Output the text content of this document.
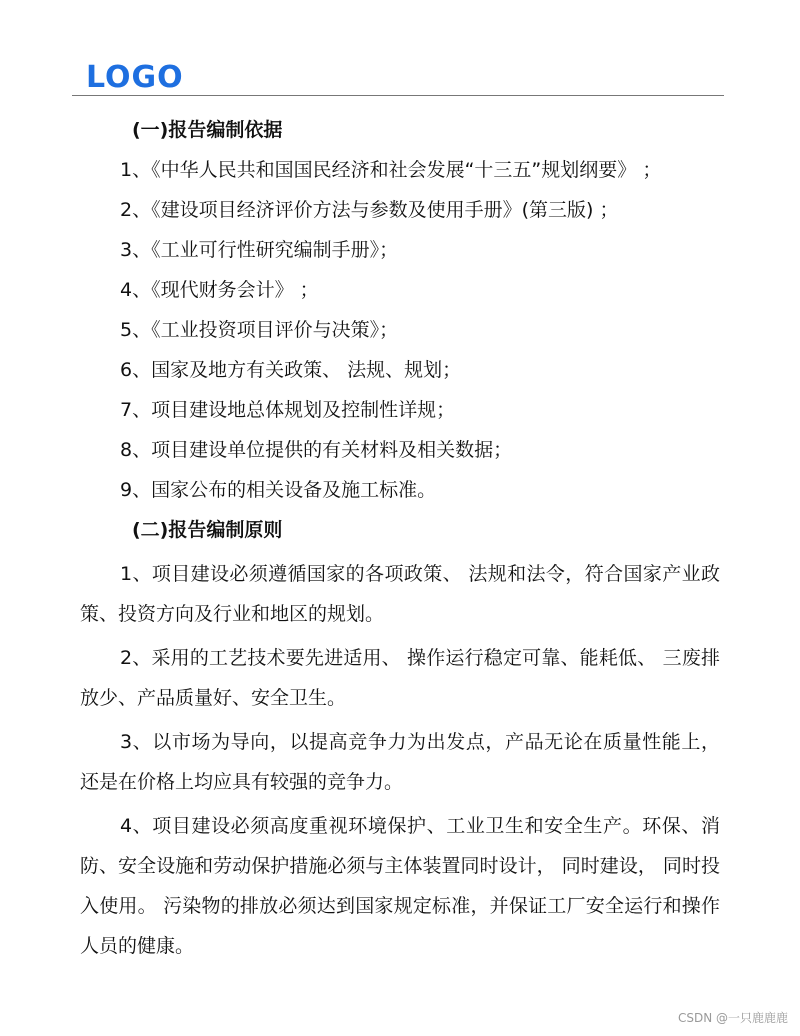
LOGO
(一)报告编制依据
1、《中华人民共和国国民经济和社会发展“十三五”规划纲要》 ；
2、《建设项目经济评价方法与参数及使用手册》(第三版) ；
3、《工业可行性研究编制手册》；
4、《现代财务会计》 ；
5、《工业投资项目评价与决策》；
6、国家及地方有关政策、 法规、规划；
7、项目建设地总体规划及控制性详规；
8、项目建设单位提供的有关材料及相关数据；
9、国家公布的相关设备及施工标准。
(二)报告编制原则
1、项目建设必须遵循国家的各项政策、 法规和法令，符合国家产业政策、投资方向及行业和地区的规划。
2、采用的工艺技术要先进适用、 操作运行稳定可靠、能耗低、 三废排放少、产品质量好、安全卫生。
3、以市场为导向，以提高竞争力为出发点，产品无论在质量性能上，还是在价格上均应具有较强的竞争力。
4、项目建设必须高度重视环境保护、工业卫生和安全生产。环保、消防、安全设施和劳动保护措施必须与主体装置同时设计， 同时建设， 同时投入使用。 污染物的排放必须达到国家规定标准，并保证工厂安全运行和操作人员的健康。
CSDN @一只鹿鹿鹿
